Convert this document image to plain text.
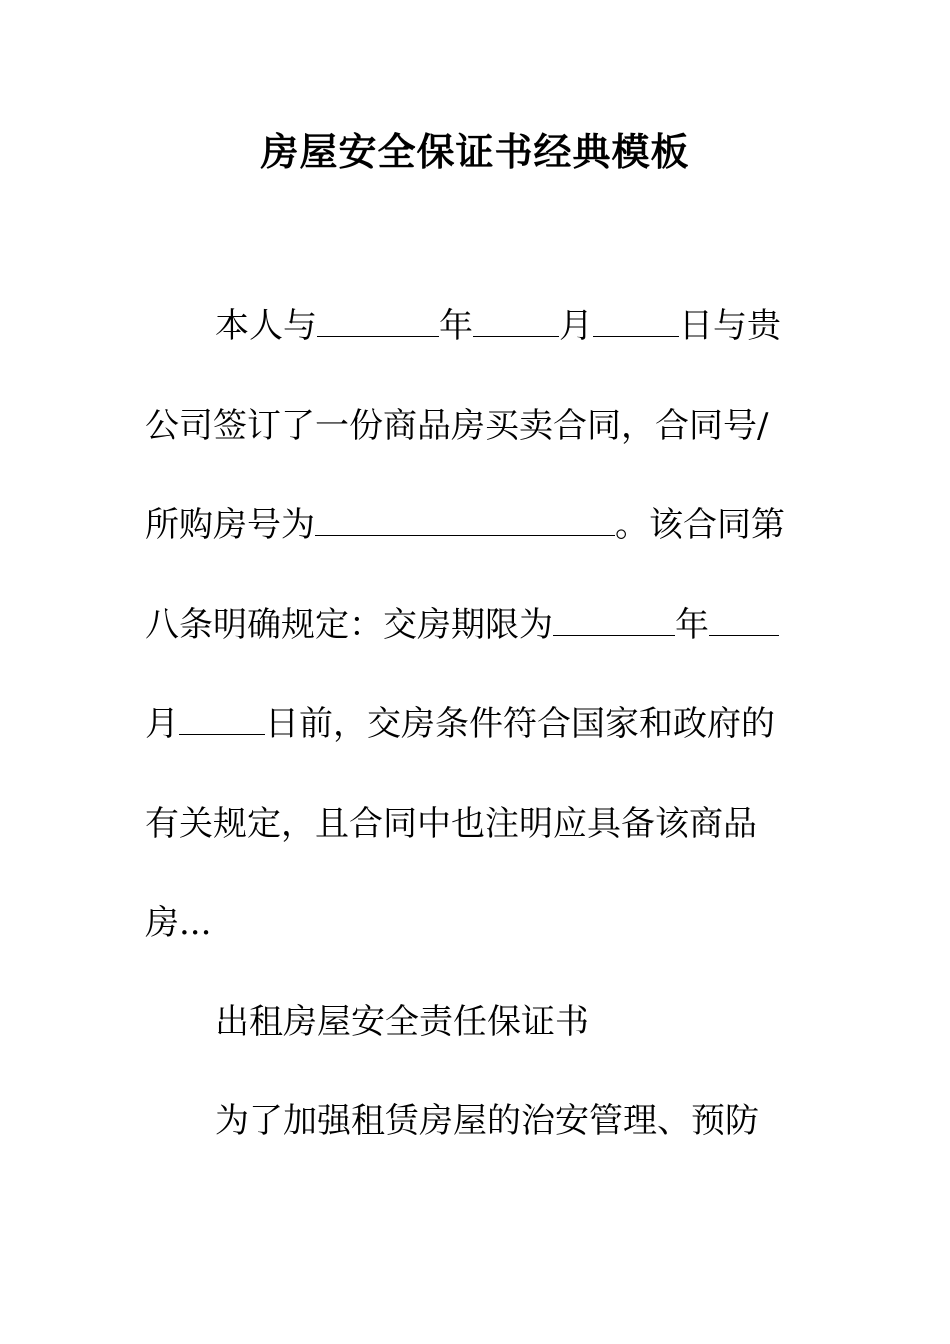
房屋安全保证书经典模板
本人与	年	月	日与贵
公司签订了一份商品房买卖合同，合同号/
所购房号为	。该合同第
八条明确规定：交房期限为	年
月	日前，交房条件符合国家和政府的
有关规定，且合同中也注明应具备该商品
房...
出租房屋安全责任保证书
为了加强租赁房屋的治安管理、预防
